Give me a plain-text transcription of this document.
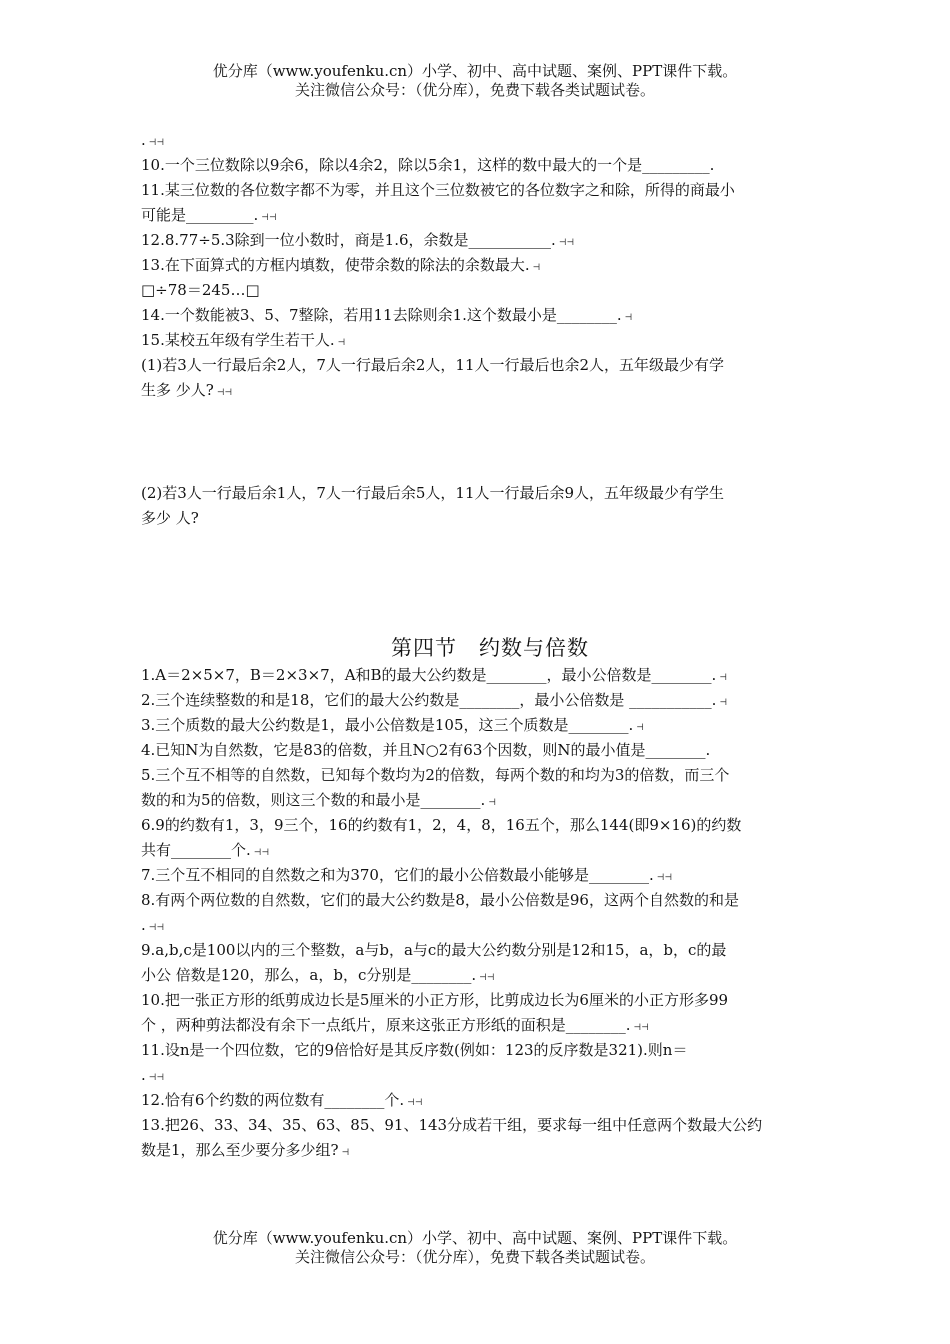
优分库（www.youfenku.cn）小学、初中、高中试题、案例、PPT课件下载。
关注微信公众号：（优分库），免费下载各类试题试卷。
. ⊣⊣
10.一个三位数除以9余6，除以4余2，除以5余1，这样的数中最大的一个是_________.
11.某三位数的各位数字都不为零，并且这个三位数被它的各位数字之和除，所得的商最小
可能是_________. ⊣⊣
12.8.77÷5.3除到一位小数时，商是1.6，余数是___________. ⊣⊣
13.在下面算式的方框内填数，使带余数的除法的余数最大. ⊣
□÷78＝245…□
14.一个数能被3、5、7整除，若用11去除则余1.这个数最小是________. ⊣
15.某校五年级有学生若干人. ⊣
(1)若3人一行最后余2人，7人一行最后余2人，11人一行最后也余2人，五年级最少有学
生多 少人? ⊣⊣
(2)若3人一行最后余1人，7人一行最后余5人，11人一行最后余9人，五年级最少有学生
多少 人?
第四节　约数与倍数
1.A＝2×5×7，B＝2×3×7，A和B的最大公约数是________，最小公倍数是________. ⊣
2.三个连续整数的和是18，它们的最大公约数是________，最小公倍数是 ___________. ⊣
3.三个质数的最大公约数是1，最小公倍数是105，这三个质数是________. ⊣
4.已知N为自然数，它是83的倍数，并且N○2有63个因数，则N的最小值是________.
5.三个互不相等的自然数，已知每个数均为2的倍数，每两个数的和均为3的倍数，而三个
数的和为5的倍数，则这三个数的和最小是________. ⊣
6.9的约数有1，3，9三个，16的约数有1，2，4，8，16五个，那么144(即9×16)的约数
共有________个. ⊣⊣
7.三个互不相同的自然数之和为370，它们的最小公倍数最小能够是________. ⊣⊣
8.有两个两位数的自然数，它们的最大公约数是8，最小公倍数是96，这两个自然数的和是
. ⊣⊣
9.a,b,c是100以内的三个整数，a与b，a与c的最大公约数分别是12和15，a，b，c的最
小公 倍数是120，那么，a，b，c分别是________. ⊣⊣
10.把一张正方形的纸剪成边长是5厘米的小正方形，比剪成边长为6厘米的小正方形多99
个 ，两种剪法都没有余下一点纸片，原来这张正方形纸的面积是________. ⊣⊣
11.设n是一个四位数，它的9倍恰好是其反序数(例如：123的反序数是321).则n＝
. ⊣⊣
12.恰有6个约数的两位数有________个. ⊣⊣
13.把26、33、34、35、63、85、91、143分成若干组，要求每一组中任意两个数最大公约
数是1，那么至少要分多少组? ⊣
优分库（www.youfenku.cn）小学、初中、高中试题、案例、PPT课件下载。
关注微信公众号：（优分库），免费下载各类试题试卷。
